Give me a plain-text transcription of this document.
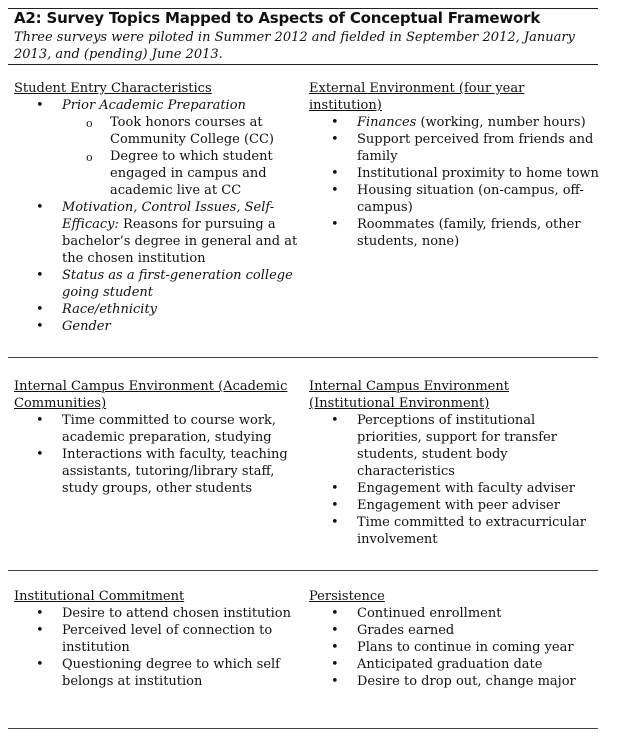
A2: Survey Topics Mapped to Aspects of Conceptual Framework
Three surveys were piloted in Summer 2012 and fielded in September 2012, January 2013, and (pending) June 2013.
Student Entry Characteristics
• Prior Academic Preparation
o Took honors courses at Community College (CC)
o Degree to which student engaged in campus and academic live at CC
• Motivation, Control Issues, Self-Efficacy: Reasons for pursuing a bachelor’s degree in general and at the chosen institution
• Status as a first-generation college going student
• Race/ethnicity
• Gender
External Environment (four year institution)
• Finances (working, number hours)
• Support perceived from friends and family
• Institutional proximity to home town
• Housing situation (on-campus, off-campus)
• Roommates (family, friends, other students, none)
Internal Campus Environment (Academic Communities)
• Time committed to course work, academic preparation, studying
• Interactions with faculty, teaching assistants, tutoring/library staff, study groups, other students
Internal Campus Environment (Institutional Environment)
• Perceptions of institutional priorities, support for transfer students, student body characteristics
• Engagement with faculty adviser
• Engagement with peer adviser
• Time committed to extracurricular involvement
Institutional Commitment
• Desire to attend chosen institution
• Perceived level of connection to institution
• Questioning degree to which self belongs at institution
Persistence
• Continued enrollment
• Grades earned
• Plans to continue in coming year
• Anticipated graduation date
• Desire to drop out, change major
